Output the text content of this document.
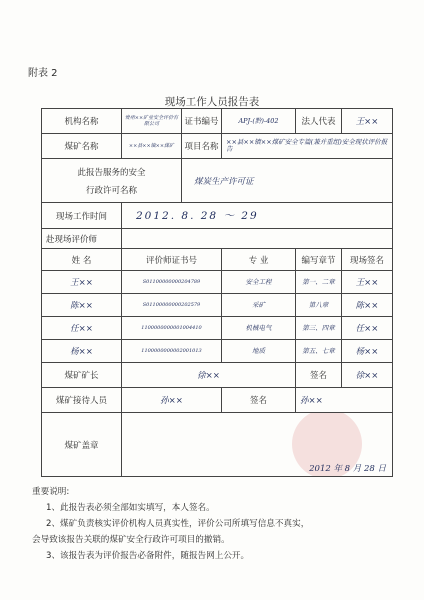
附表 2
现场工作人员报告表
机构名称	贵州××矿业安全评价有限公司	证书编号	APJ-(黔)-402	法人代表	王××
煤矿名称	××县××镇××煤矿	项目名称	××县××镇××煤矿安全专篇(兼并重组)安全现状评价报告		

此报告服务的安全
行政许可名称		煤炭生产许可证			
现场工作时间	2012. 8. 28 ～ 29				
赴现场评价师					
姓 名	评价师证书号		专 业	编写章节	现场签名
王××	S01100000000204789		安全工程	第一、二章	王××
陈××	S01100000000202579		采矿	第八章	陈××
任××	1100000000001004410		机械电气	第三、四章	任××
杨××	1100000000002001013		地质	第五、七章	杨××
煤矿矿长	徐××			签名	徐××
煤矿接待人员	孙××		签名	孙××	
煤矿盖章	2012 年 8 月 28 日				
重要说明:
1、此报告表必须全部如实填写，本人签名。
2、煤矿负责核实评价机构人员真实性，评价公司所填写信息不真实，
会导致该报告关联的煤矿安全行政许可项目的撤销。
3、该报告表为评价报告必备附件，随报告网上公开。
